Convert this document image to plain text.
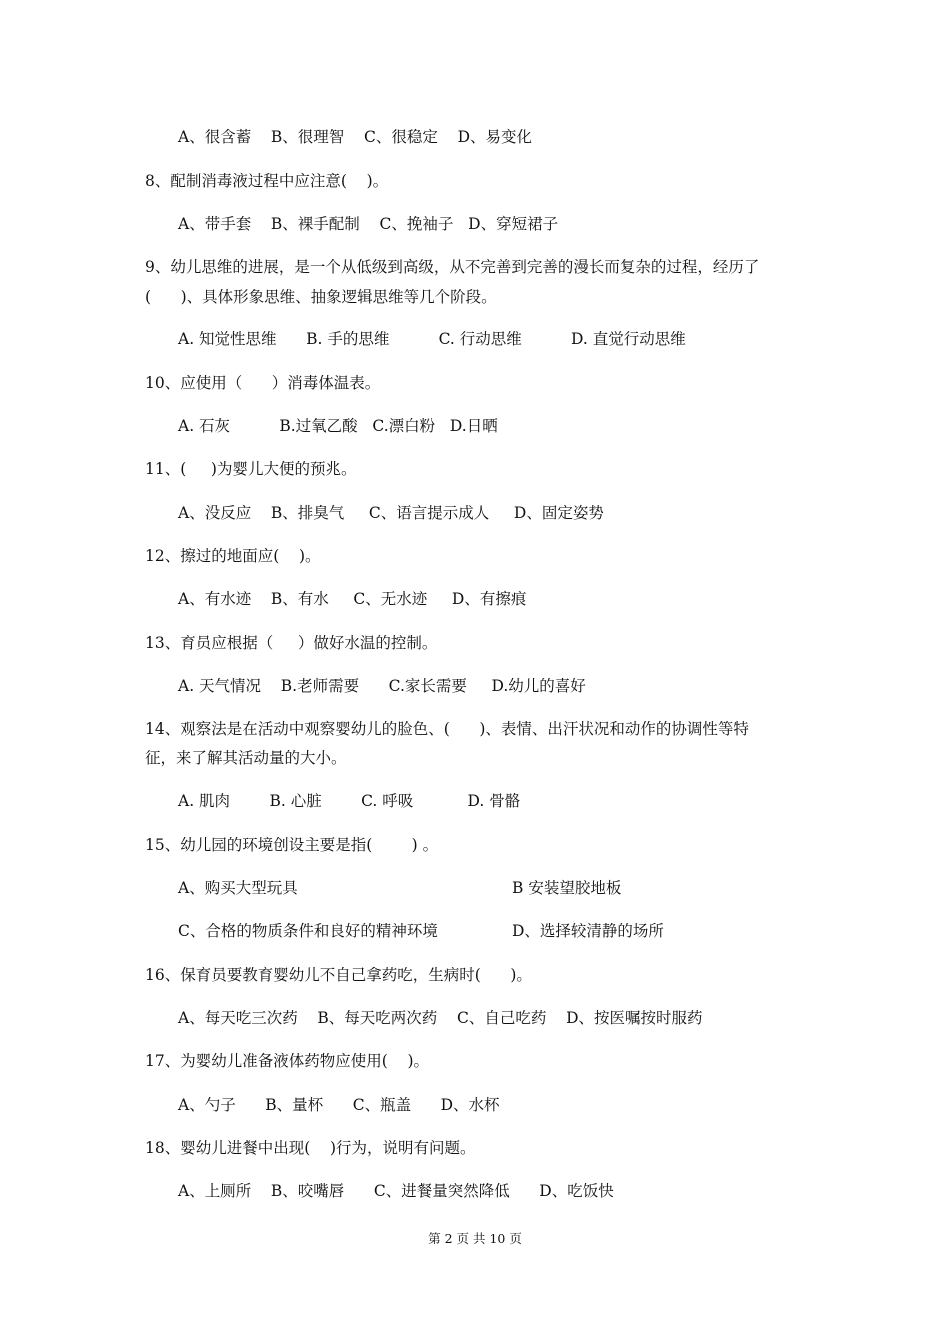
A、很含蓄    B、很理智    C、很稳定    D、易变化
8、配制消毒液过程中应注意(    )。
A、带手套    B、裸手配制    C、挽袖子   D、穿短裙子
9、幼儿思维的进展，是一个从低级到高级，从不完善到完善的漫长而复杂的过程，经历了
(      )、具体形象思维、抽象逻辑思维等几个阶段。
A. 知觉性思维      B. 手的思维          C. 行动思维          D. 直觉行动思维
10、应使用（      ）消毒体温表。
A. 石灰          B.过氧乙酸   C.漂白粉   D.日晒
11、(     )为婴儿大便的预兆。
A、没反应    B、排臭气     C、语言提示成人     D、固定姿势
12、擦过的地面应(    )。
A、有水迹    B、有水     C、无水迹     D、有擦痕
13、育员应根据（     ）做好水温的控制。
A. 天气情况    B.老师需要      C.家长需要     D.幼儿的喜好
14、观察法是在活动中观察婴幼儿的脸色、(      )、表情、出汗状况和动作的协调性等特
征，来了解其活动量的大小。
A. 肌肉        B. 心脏        C. 呼吸           D. 骨骼
15、幼儿园的环境创设主要是指(        ) 。
A、购买大型玩具	B 安装望胶地板
C、合格的物质条件和良好的精神环境	D、选择较清静的场所
16、保育员要教育婴幼儿不自己拿药吃，生病时(      )。
A、每天吃三次药    B、每天吃两次药    C、自己吃药    D、按医嘱按时服药
17、为婴幼儿准备液体药物应使用(    )。
A、勺子      B、量杯      C、瓶盖      D、水杯
18、婴幼儿进餐中出现(    )行为，说明有问题。
A、上厕所    B、咬嘴唇      C、进餐量突然降低      D、吃饭快
第 2 页 共 10 页
